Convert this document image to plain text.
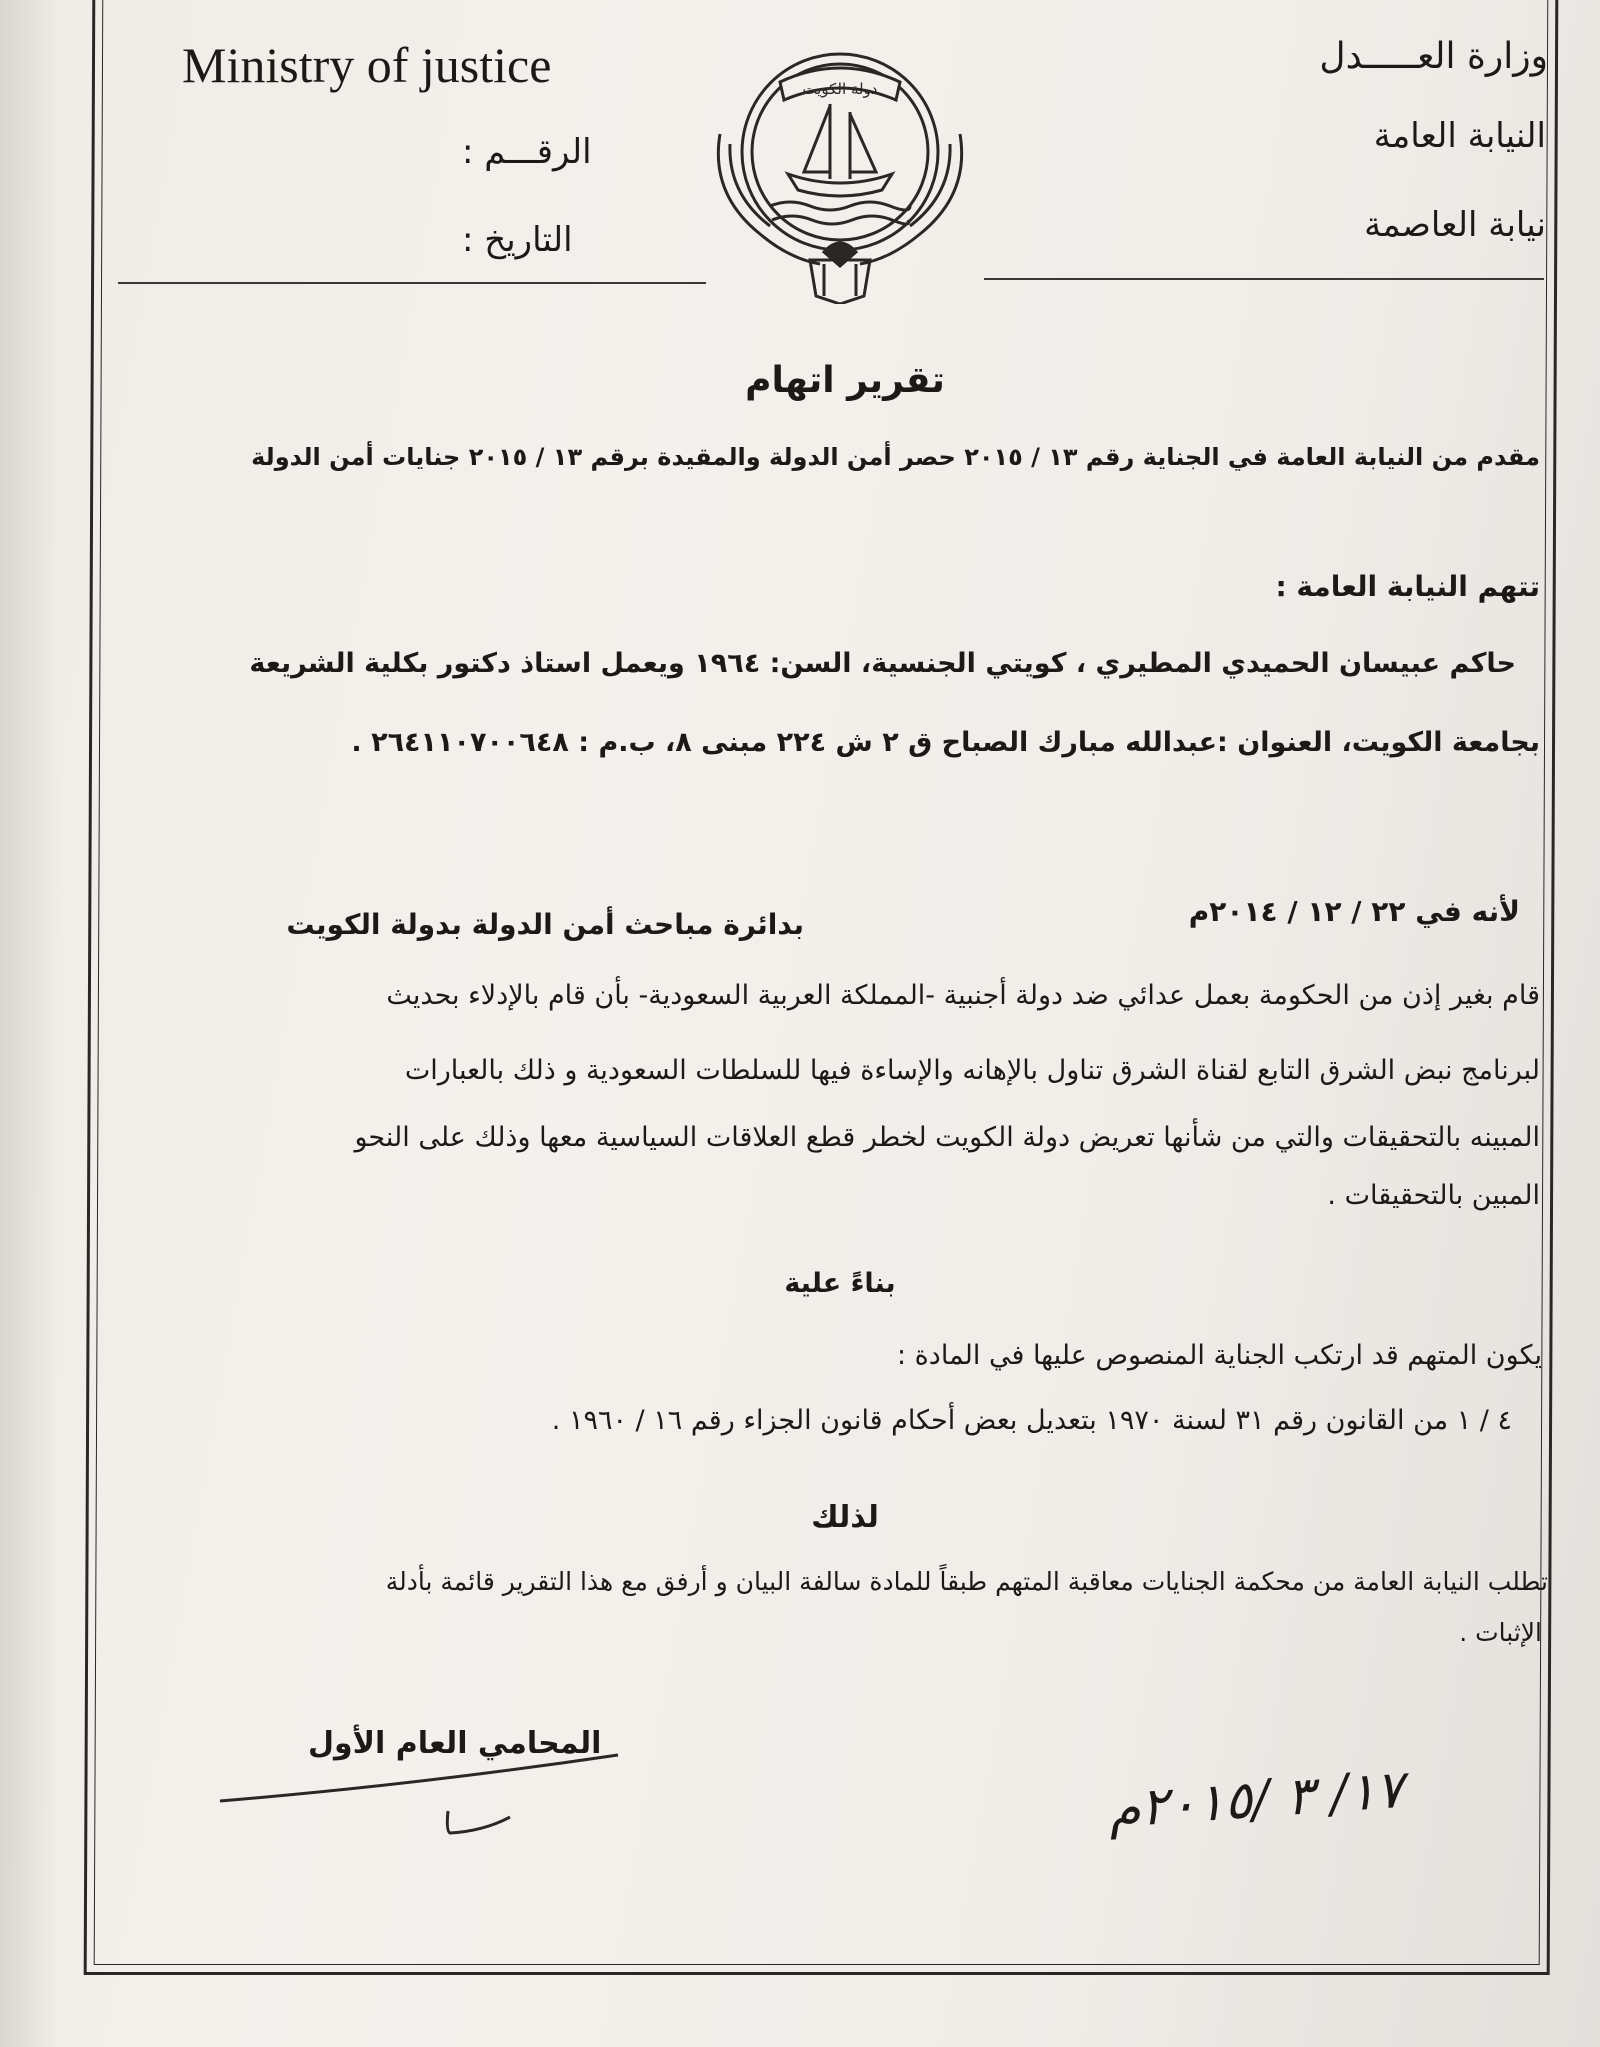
وزارة العـــــدل
النيابة العامة
نيابة العاصمة
Ministry of justice
الرقـــم :
التاريخ :
دولة الكويت
تقرير اتهام
مقدم من النيابة العامة في الجناية رقم ١٣ / ٢٠١٥ حصر أمن الدولة والمقيدة برقم ١٣ / ٢٠١٥ جنايات أمن الدولة
تتهم النيابة العامة :
حاكم عبيسان الحميدي المطيري ، كويتي الجنسية، السن: ١٩٦٤ ويعمل استاذ دكتور بكلية الشريعة
بجامعة الكويت، العنوان :عبدالله مبارك الصباح ق ٢ ش ٢٢٤ مبنى ٨، ب.م : ٢٦٤١١٠٧٠٠٦٤٨ .
لأنه في ٢٢ / ١٢ / ٢٠١٤م
بدائرة مباحث أمن الدولة بدولة الكويت
قام بغير إذن من الحكومة بعمل عدائي ضد دولة أجنبية -المملكة العربية السعودية- بأن قام بالإدلاء بحديث
لبرنامج نبض الشرق التابع لقناة الشرق تناول بالإهانه والإساءة فيها للسلطات السعودية و ذلك بالعبارات
المبينه بالتحقيقات والتي من شأنها تعريض دولة الكويت لخطر قطع العلاقات السياسية معها وذلك على النحو
المبين بالتحقيقات .
بناءً علية
يكون المتهم قد ارتكب الجناية المنصوص عليها في المادة :
٤ / ١ من القانون رقم ٣١ لسنة ١٩٧٠ بتعديل بعض أحكام قانون الجزاء رقم ١٦ / ١٩٦٠ .
لذلك
تطلب النيابة العامة من محكمة الجنايات معاقبة المتهم طبقاً للمادة سالفة البيان و أرفق مع هذا التقرير قائمة بأدلة
الإثبات .
المحامي العام الأول
١٧/ ٣ /٢٠١٥م
